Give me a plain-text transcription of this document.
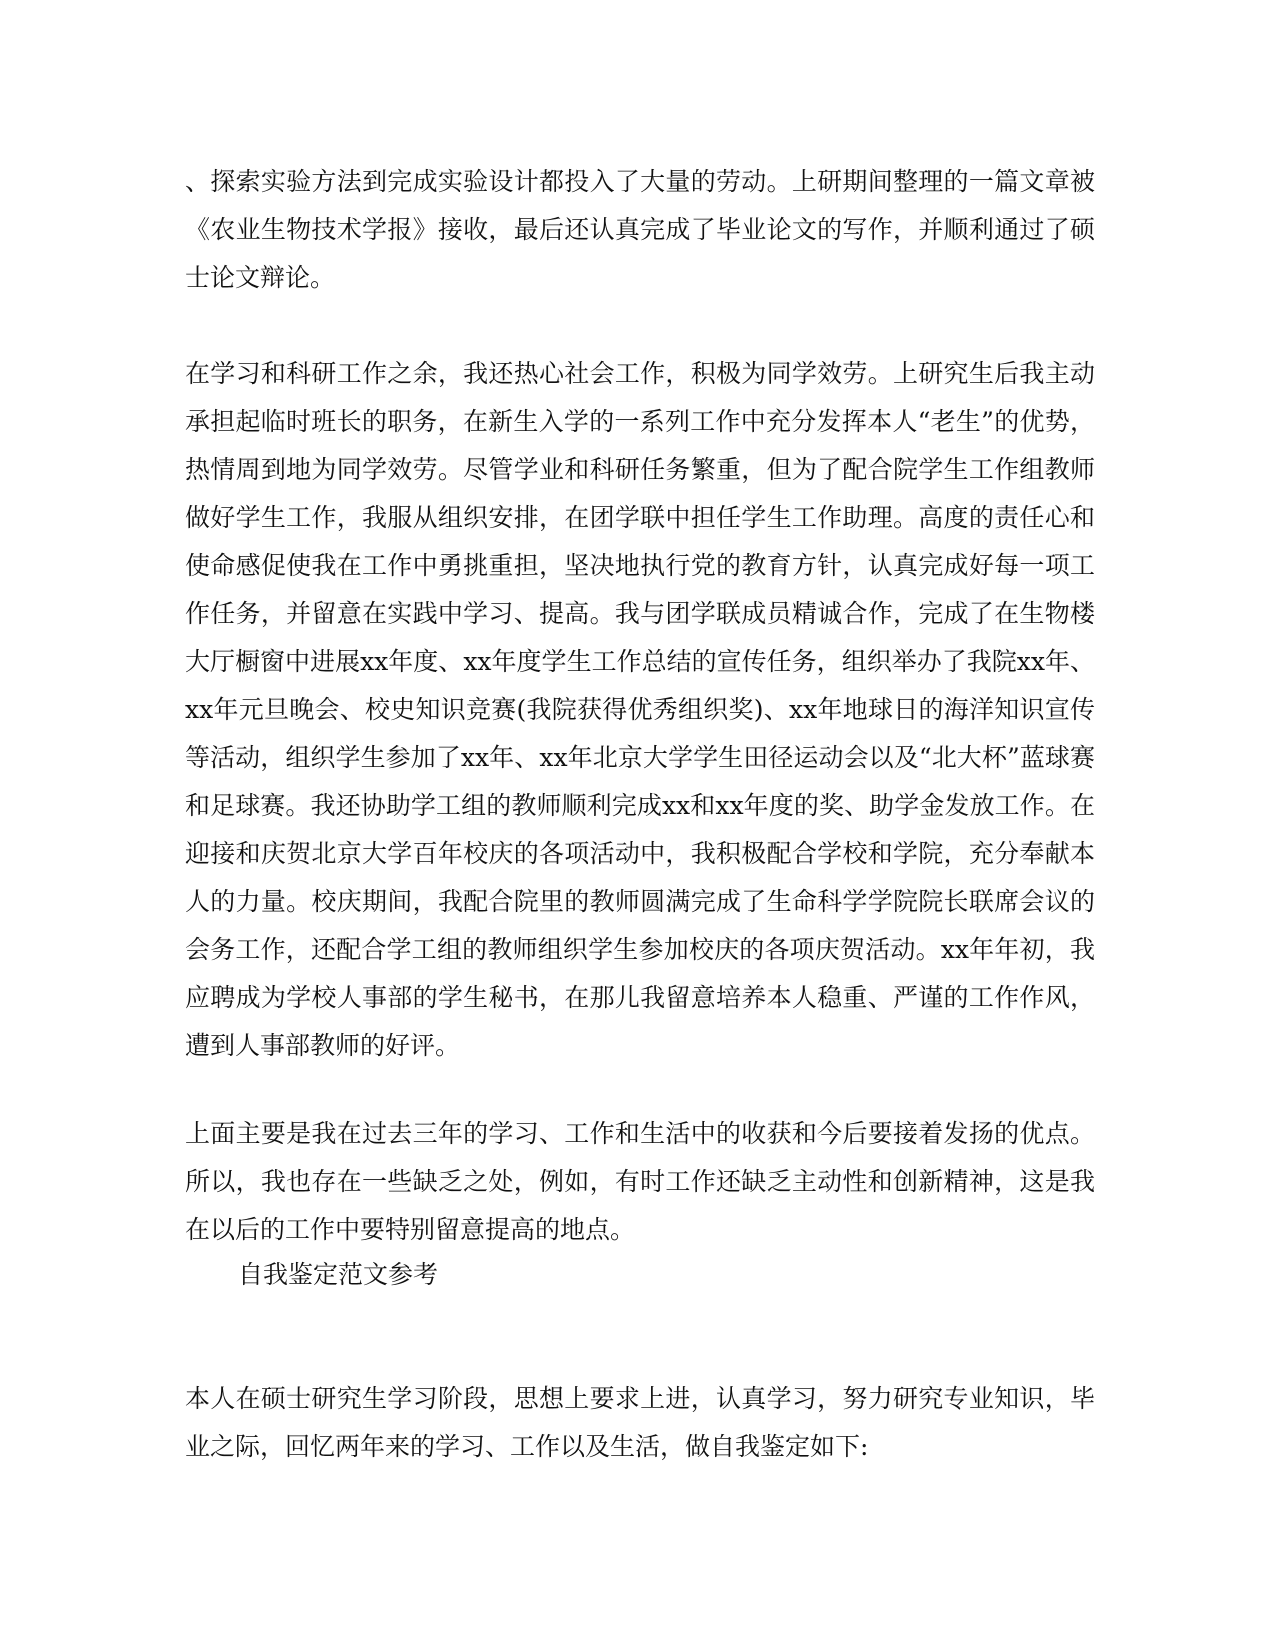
、探索实验方法到完成实验设计都投入了大量的劳动。上研期间整理的一篇文章被
《农业生物技术学报》接收，最后还认真完成了毕业论文的写作，并顺利通过了硕
士论文辩论。
在学习和科研工作之余，我还热心社会工作，积极为同学效劳。上研究生后我主动
承担起临时班长的职务，在新生入学的一系列工作中充分发挥本人“老生”的优势，
热情周到地为同学效劳。尽管学业和科研任务繁重，但为了配合院学生工作组教师
做好学生工作，我服从组织安排，在团学联中担任学生工作助理。高度的责任心和
使命感促使我在工作中勇挑重担，坚决地执行党的教育方针，认真完成好每一项工
作任务，并留意在实践中学习、提高。我与团学联成员精诚合作，完成了在生物楼
大厅橱窗中进展xx年度、xx年度学生工作总结的宣传任务，组织举办了我院xx年、
xx年元旦晚会、校史知识竞赛(我院获得优秀组织奖)、xx年地球日的海洋知识宣传
等活动，组织学生参加了xx年、xx年北京大学学生田径运动会以及“北大杯”蓝球赛
和足球赛。我还协助学工组的教师顺利完成xx和xx年度的奖、助学金发放工作。在
迎接和庆贺北京大学百年校庆的各项活动中，我积极配合学校和学院，充分奉献本
人的力量。校庆期间，我配合院里的教师圆满完成了生命科学学院院长联席会议的
会务工作，还配合学工组的教师组织学生参加校庆的各项庆贺活动。xx年年初，我
应聘成为学校人事部的学生秘书，在那儿我留意培养本人稳重、严谨的工作作风，
遭到人事部教师的好评。
上面主要是我在过去三年的学习、工作和生活中的收获和今后要接着发扬的优点。
所以，我也存在一些缺乏之处，例如，有时工作还缺乏主动性和创新精神，这是我
在以后的工作中要特别留意提高的地点。
自我鉴定范文参考
本人在硕士研究生学习阶段，思想上要求上进，认真学习，努力研究专业知识，毕
业之际，回忆两年来的学习、工作以及生活，做自我鉴定如下:
